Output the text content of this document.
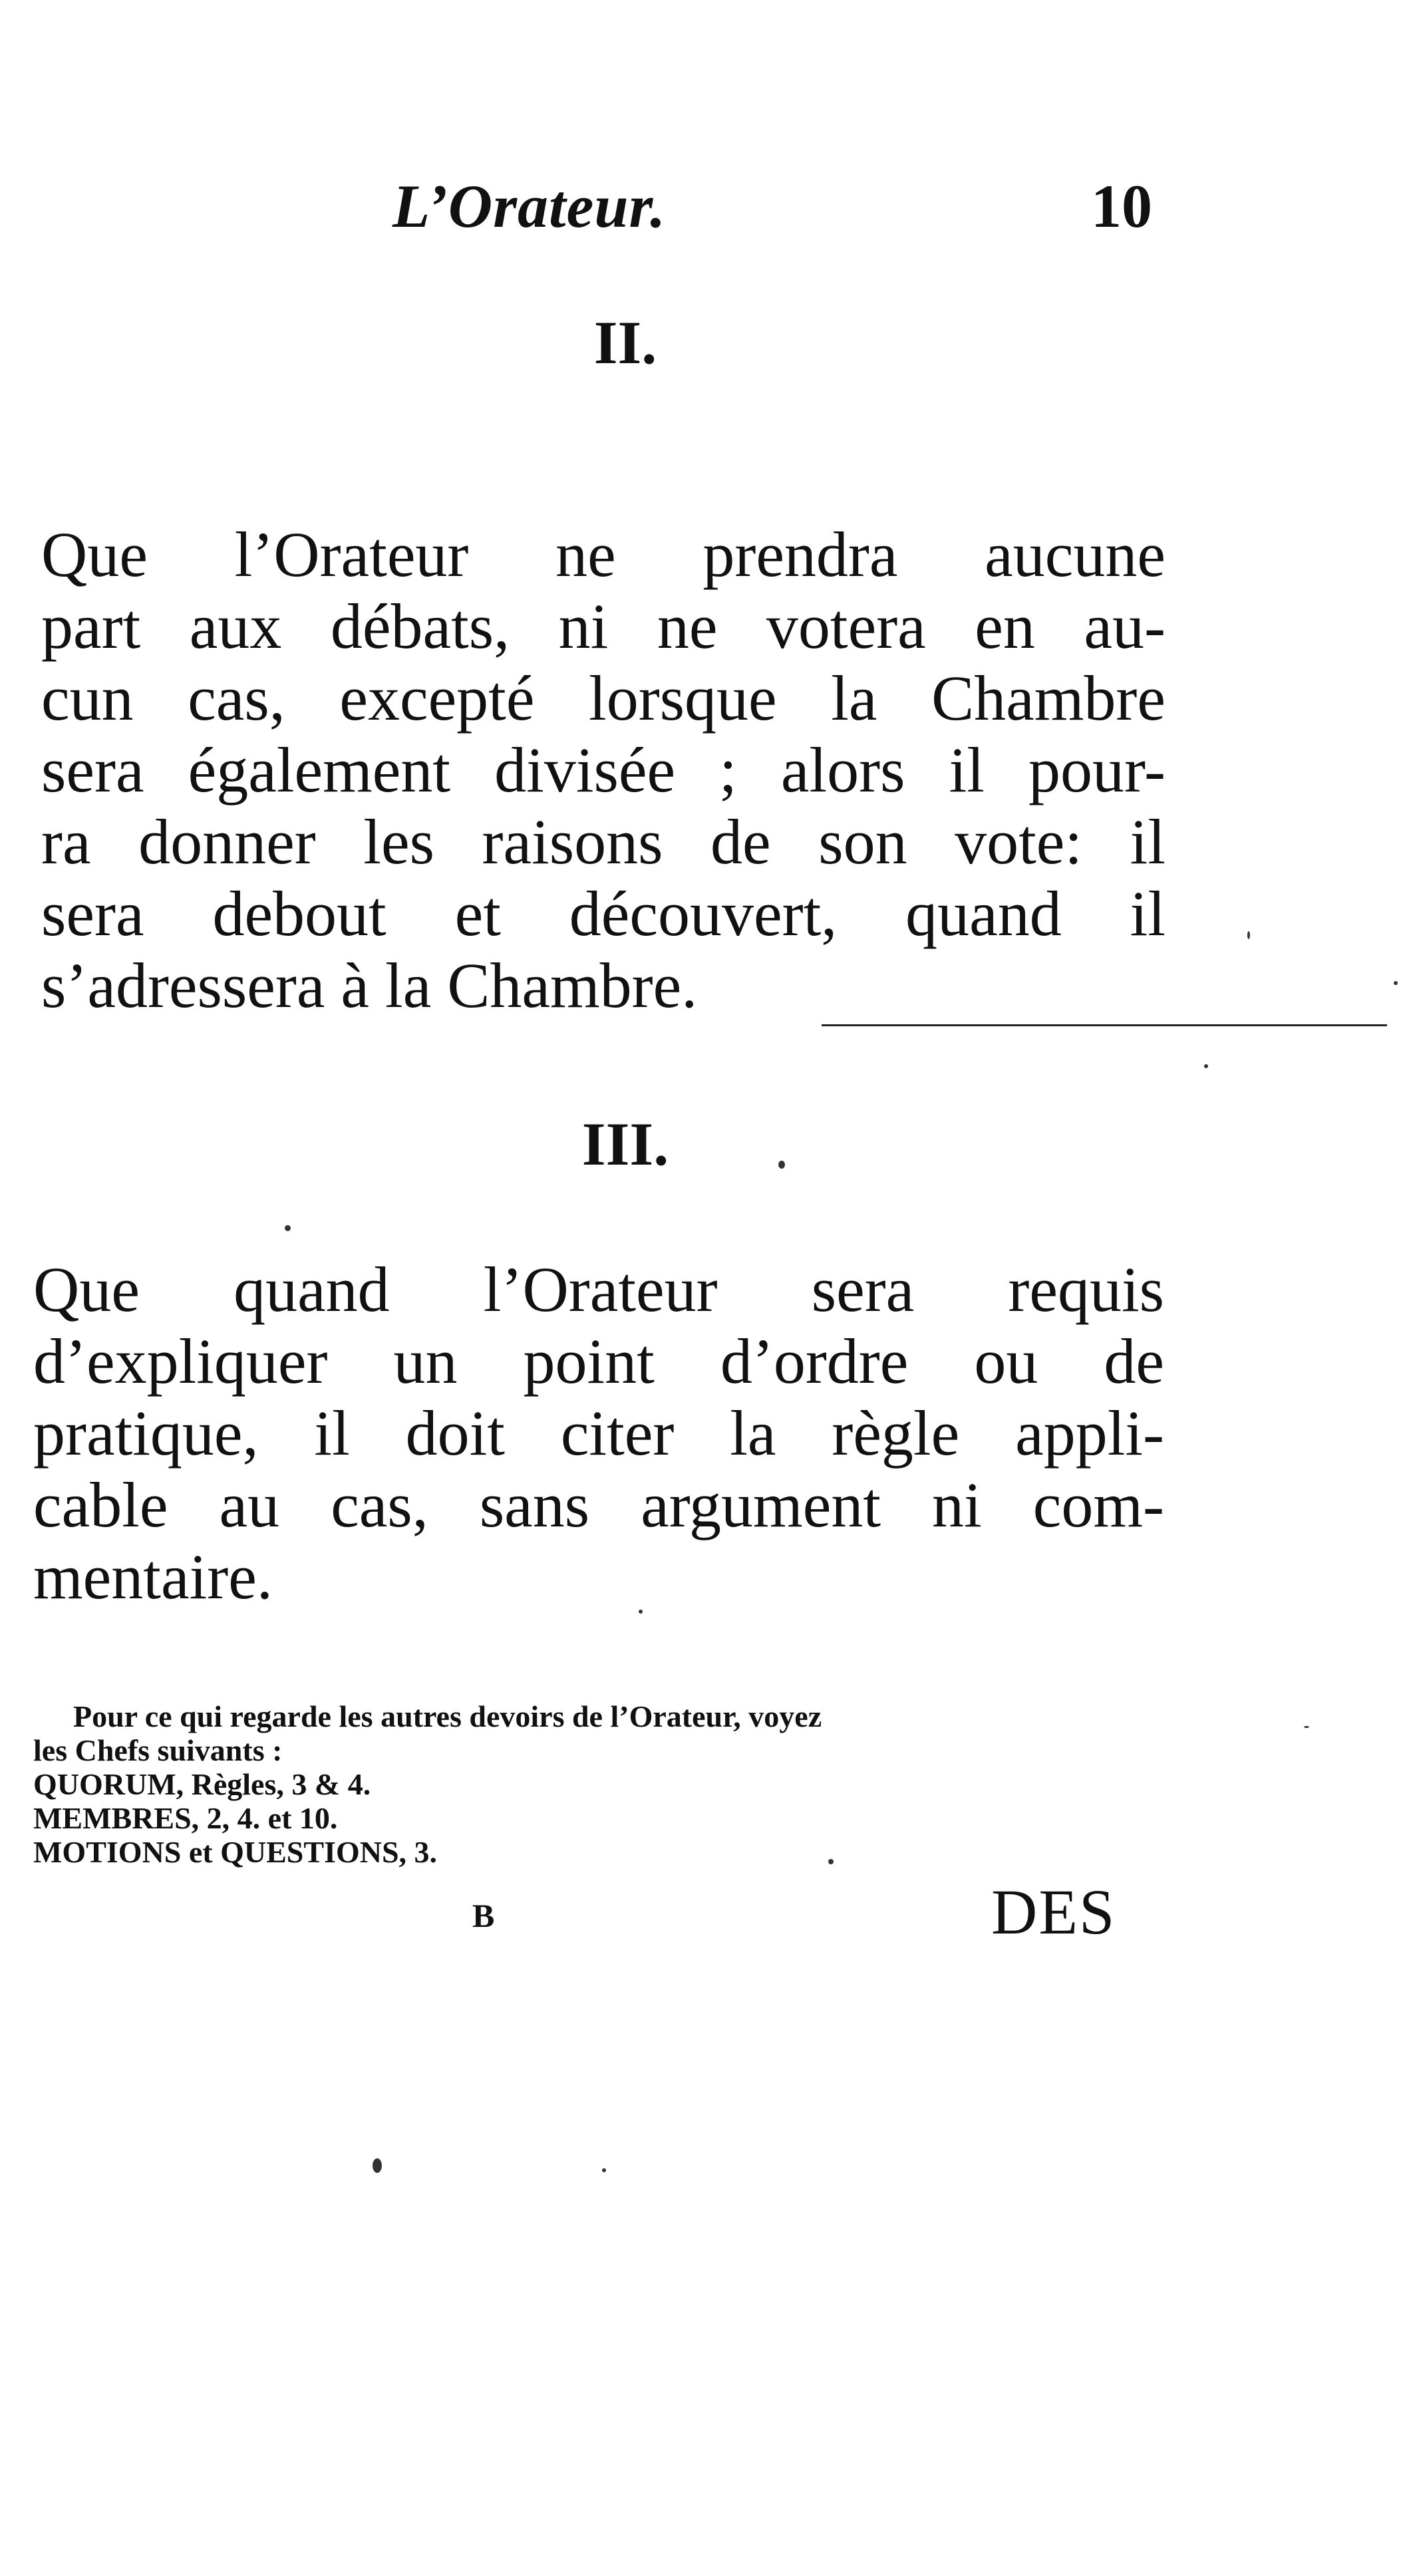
L’Orateur.	10
II.
Que l’Orateur ne prendra aucune
part aux débats, ni ne votera en au-
cun cas, excepté lorsque la Chambre
sera également divisée ; alors il pour-
ra donner les raisons de son vote: il
sera debout et découvert, quand il
s’adressera à la Chambre.
III.
Que quand l’Orateur sera requis
d’expliquer un point d’ordre ou de
pratique, il doit citer la règle appli-
cable au cas, sans argument ni com-
mentaire.
Pour ce qui regarde les autres devoirs de l’Orateur, voyez
les Chefs suivants :
QUORUM, Règles, 3 & 4.
MEMBRES, 2, 4. et 10.
MOTIONS et QUESTIONS, 3.
B	DES
